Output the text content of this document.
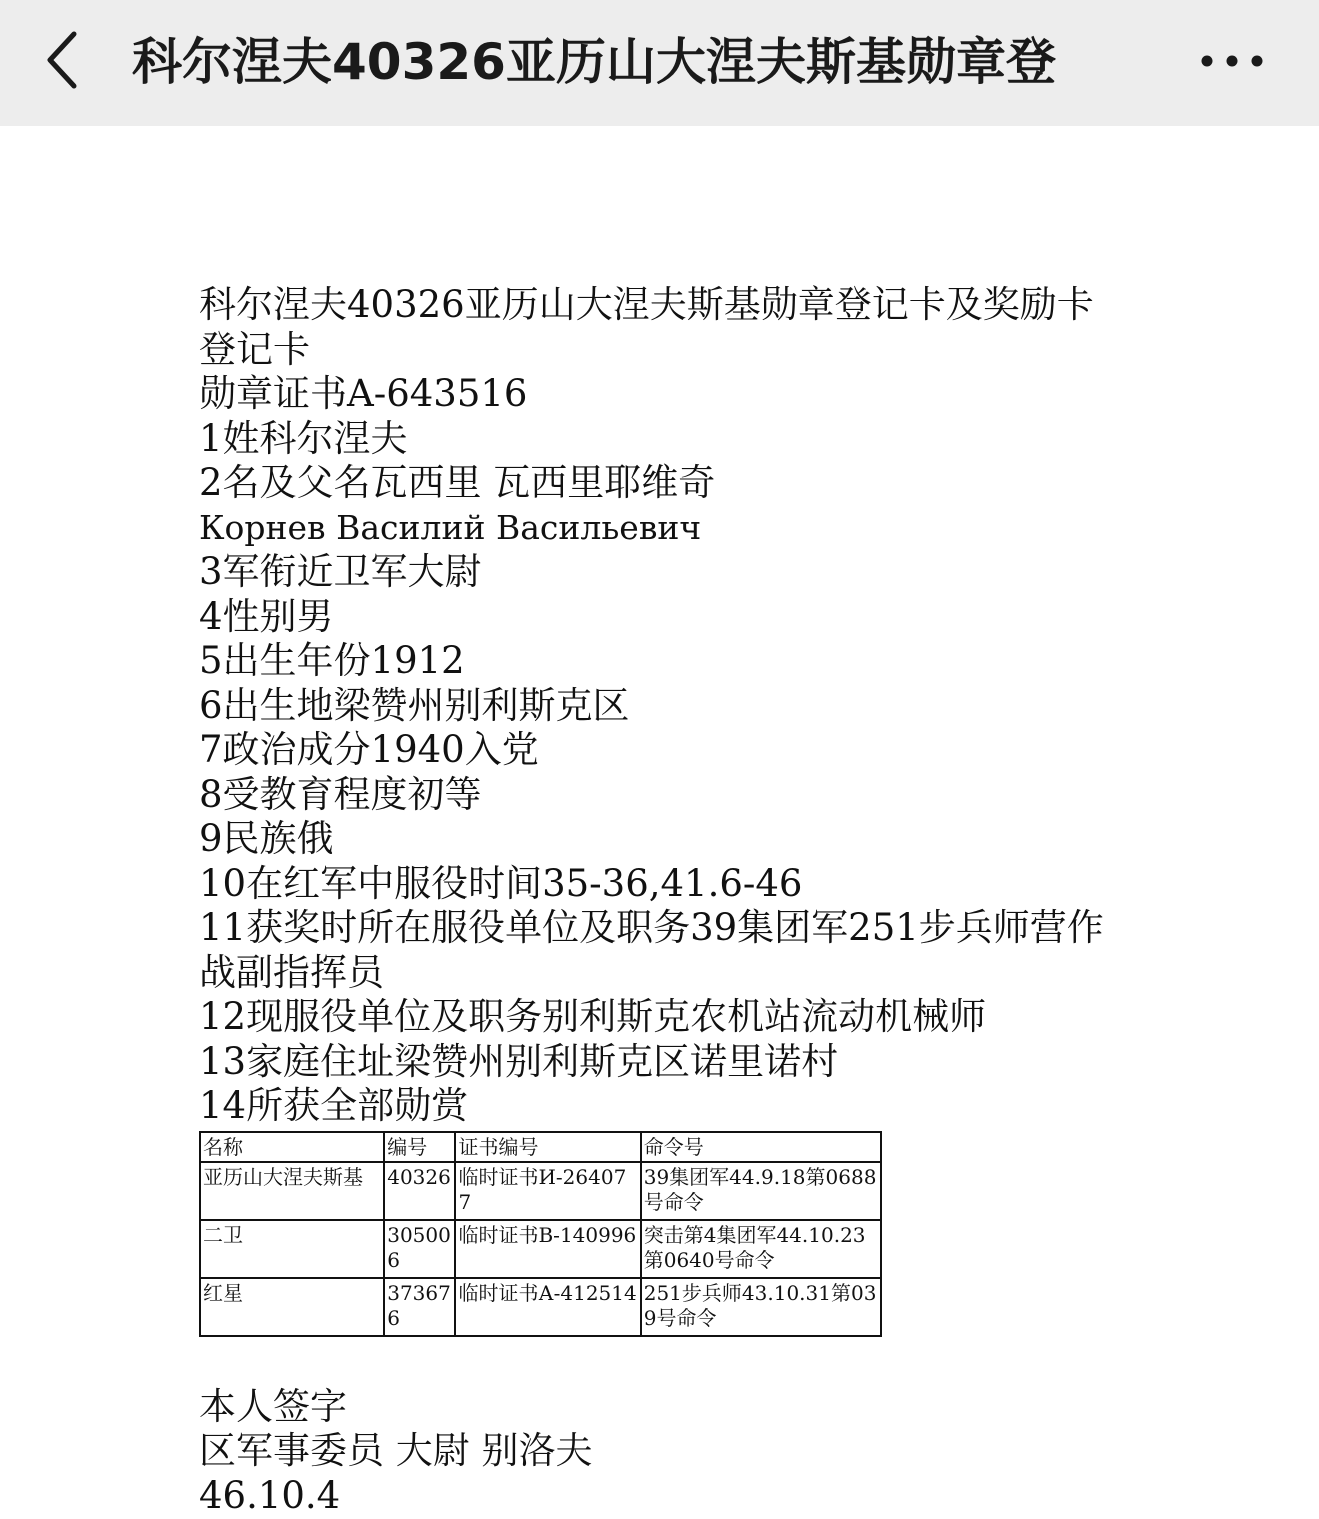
科尔涅夫40326亚历山大涅夫斯基勋章登

科尔涅夫40326亚历山大涅夫斯基勋章登记卡及奖励卡

登记卡

勋章证书A-643516

1姓科尔涅夫

2名及父名瓦西里 瓦西里耶维奇

Корнев Василий Васильевич

3军衔近卫军大尉

4性别男

5出生年份1912

6出生地梁赞州别利斯克区

7政治成分1940入党

8受教育程度初等

9民族俄

10在红军中服役时间35-36,41.6-46

11获奖时所在服役单位及职务39集团军251步兵师营作

战副指挥员

12现服役单位及职务别利斯克农机站流动机械师

13家庭住址梁赞州别利斯克区诺里诺村

14所获全部勋赏

名称	编号	证书编号	命令号
亚历山大涅夫斯基	40326	临时证书И-264077	39集团军44.9.18第0688号命令
二卫	305006	临时证书В-140996	突击第4集团军44.10.23第0640号命令
红星	373676	临时证书А-412514	251步兵师43.10.31第039号命令

本人签字

区军事委员 大尉 别洛夫

46.10.4
